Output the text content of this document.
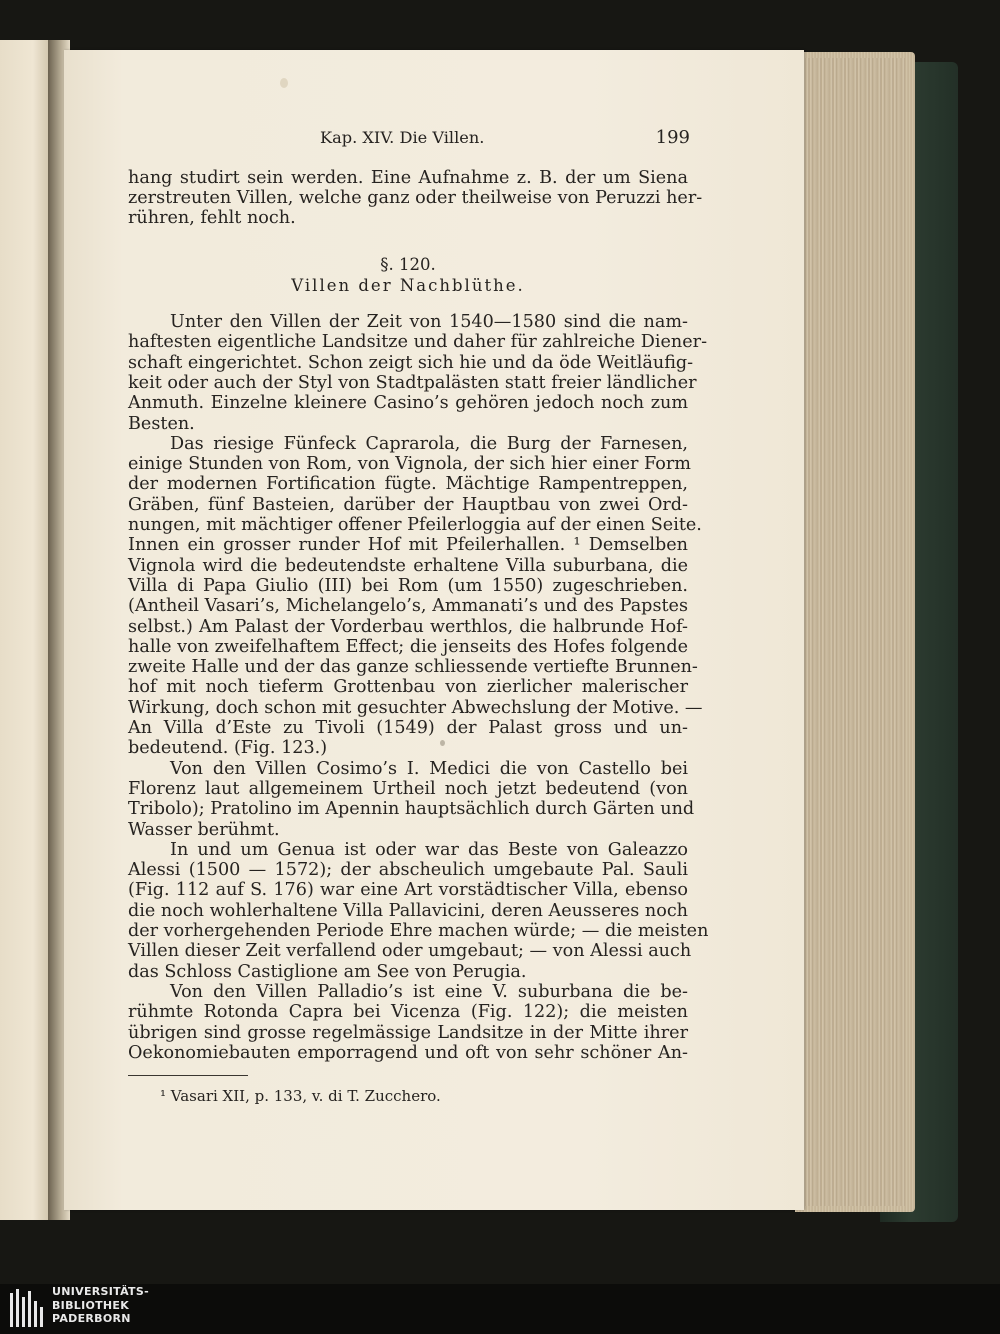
Kap. XIV. Die Villen.	199
hang studirt sein werden. Eine Aufnahme z. B. der um Siena
zerstreuten Villen, welche ganz oder theilweise von Peruzzi her-
rühren, fehlt noch.
§. 120.
Villen der Nachblüthe.
Unter den Villen der Zeit von 1540—1580 sind die nam-
haftesten eigentliche Landsitze und daher für zahlreiche Diener-
schaft eingerichtet. Schon zeigt sich hie und da öde Weitläufig-
keit oder auch der Styl von Stadtpalästen statt freier ländlicher
Anmuth. Einzelne kleinere Casino’s gehören jedoch noch zum
Besten.
Das riesige Fünfeck Caprarola, die Burg der Farnesen,
einige Stunden von Rom, von Vignola, der sich hier einer Form
der modernen Fortification fügte. Mächtige Rampentreppen,
Gräben, fünf Basteien, darüber der Hauptbau von zwei Ord-
nungen, mit mächtiger offener Pfeilerloggia auf der einen Seite.
Innen ein grosser runder Hof mit Pfeilerhallen. ¹ Demselben
Vignola wird die bedeutendste erhaltene Villa suburbana, die
Villa di Papa Giulio (III) bei Rom (um 1550) zugeschrieben.
(Antheil Vasari’s, Michelangelo’s, Ammanati’s und des Papstes
selbst.) Am Palast der Vorderbau werthlos, die halbrunde Hof-
halle von zweifelhaftem Effect; die jenseits des Hofes folgende
zweite Halle und der das ganze schliessende vertiefte Brunnen-
hof mit noch tieferm Grottenbau von zierlicher malerischer
Wirkung, doch schon mit gesuchter Abwechslung der Motive. —
An Villa d’Este zu Tivoli (1549) der Palast gross und un-
bedeutend. (Fig. 123.)
Von den Villen Cosimo’s I. Medici die von Castello bei
Florenz laut allgemeinem Urtheil noch jetzt bedeutend (von
Tribolo); Pratolino im Apennin hauptsächlich durch Gärten und
Wasser berühmt.
In und um Genua ist oder war das Beste von Galeazzo
Alessi (1500 — 1572); der abscheulich umgebaute Pal. Sauli
(Fig. 112 auf S. 176) war eine Art vorstädtischer Villa, ebenso
die noch wohlerhaltene Villa Pallavicini, deren Aeusseres noch
der vorhergehenden Periode Ehre machen würde; — die meisten
Villen dieser Zeit verfallend oder umgebaut; — von Alessi auch
das Schloss Castiglione am See von Perugia.
Von den Villen Palladio’s ist eine V. suburbana die be-
rühmte Rotonda Capra bei Vicenza (Fig. 122); die meisten
übrigen sind grosse regelmässige Landsitze in der Mitte ihrer
Oekonomiebauten emporragend und oft von sehr schöner An-
¹ Vasari XII, p. 133, v. di T. Zucchero.
UNIVERSITÄTS-
BIBLIOTHEK
PADERBORN
